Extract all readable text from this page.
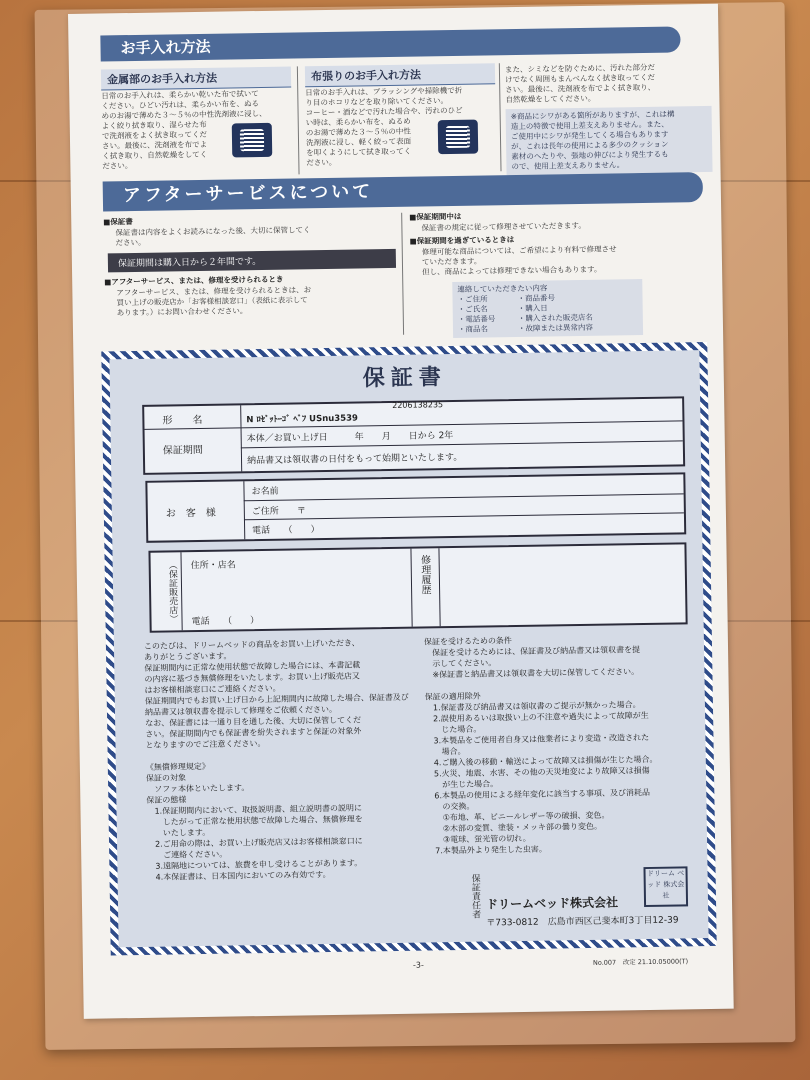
お手入れ方法
金属部のお手入れ方法
日常のお手入れは、柔らかい乾いた布で拭いて
ください。ひどい汚れは、柔らかい布を、ぬる
めのお湯で薄めた３～５％の中性洗剤液に浸し、
よく絞り拭き取り、湿らせた布
で洗剤液をよく拭き取ってくだ
さい。最後に、洗剤液を布でよ
く拭き取り、自然乾燥をしてく
ださい。
布張りのお手入れ方法
日常のお手入れは、ブラッシングや掃除機で折
り目のホコリなどを取り除いてください。
コーヒー・酒などで汚れた場合や、汚れのひど
い時は、柔らかい布を、ぬるめ
のお湯で薄めた３～５％の中性
洗剤液に浸し、軽く絞って表面
を叩くようにして拭き取ってく
ださい。
また、シミなどを防ぐために、汚れた部分だ
けでなく周囲もまんべんなく拭き取ってくだ
さい。最後に、洗剤液を布でよく拭き取り、
自然乾燥をしてください。
※商品にシワがある箇所がありますが、これは構
造上の特徴で使用上差支えありません。また、
ご使用中にシワが発生してくる場合もあります
が、これは長年の使用による多少のクッション
素材のへたりや、張地の伸びにより発生するも
ので、使用上差支えありません。
アフターサービスについて
■保証書
保証書は内容をよくお読みになった後、大切に保管してく
ださい。
保証期間は購入日から２年間です。
■アフターサービス、または、修理を受けられるとき
アフターサービス、または、修理を受けられるときは、お
買い上げの販売店か「お客様相談窓口」（表紙に表示して
あります。）にお問い合わせください。
■保証期間中は
保証書の規定に従って修理させていただきます。
■保証期間を過ぎているときは
修理可能な商品については、ご希望により有料で修理させ
ていただきます。
但し、商品によっては修理できない場合もあります。
連絡していただきたい内容
・ご住所　　　　・商品番号
・ご氏名　　　　・購入日
・電話番号　　　・購入された販売店名
・商品名　　　　・故障または異常内容
保証書
形　　名
2206138235
N ﾛｾﾞｯﾄｰｺﾞ ﾍﾞﾌ USnu3539
保証期間
本体／お買い上げ日　　　年　　月　　日から 2年
納品書又は領収書の日付をもって始期といたします。
お　客　様
お名前
ご住所　　〒
電話　　（　　）
（保証販売店） 住所・店名
電話　　（　　）
修理履歴
このたびは、ドリームベッドの商品をお買い上げいただき、
ありがとうございます。
保証期間内に正常な使用状態で故障した場合には、本書記載
の内容に基づき無償修理をいたします。お買い上げ販売店又
はお客様相談窓口にご連絡ください。
保証期間内でもお買い上げ日から上記期間内に故障した場合、保証書及び
納品書又は領収書を提示して修理をご依頼ください。
なお、保証書には一通り目を通した後、大切に保管してくだ
さい。保証期間内でも保証書を紛失されますと保証の対象外
となりますのでご注意ください。

《無償修理規定》
保証の対象
　ソファ本体といたします。
保証の態様
　1.保証期間内において、取扱説明書、組立説明書の説明に
　　したがって正常な使用状態で故障した場合、無償修理を
　　いたします。
　2.ご用命の際は、お買い上げ販売店又はお客様相談窓口に
　　ご連絡ください。
　3.遠隔地については、旅費を申し受けることがあります。
　4.本保証書は、日本国内においてのみ有効です。
保証を受けるための条件
　保証を受けるためには、保証書及び納品書又は領収書を提
　示してください。
　※保証書と納品書又は領収書を大切に保管してください。

保証の適用除外
　1.保証書及び納品書又は領収書のご提示が無かった場合。
　2.誤使用あるいは取扱い上の不注意や過失によって故障が生
　　じた場合。
　3.本製品をご使用者自身又は他業者により変造・改造された
　　場合。
　4.ご購入後の移動・輸送によって故障又は損傷が生じた場合。
　5.火災、地震、水害、その他の天災地変により故障又は損傷
　　が生じた場合。
　6.本製品の使用による経年変化に該当する事項、及び消耗品
　　の交換。
　　①布地、革、ビニールレザー等の破損、変色。
　　②木部の変質、塗装・メッキ部の曇り変色。
　　③電球、蛍光管の切れ。
　7.本製品外より発生した虫害。
保証責任者 ドリームベッド株式会社
〒733-0812　広島市西区己斐本町3丁目12-39
ドリーム ベッド 株式会社
-3-	No.007　改定 21.10.05000(T)
